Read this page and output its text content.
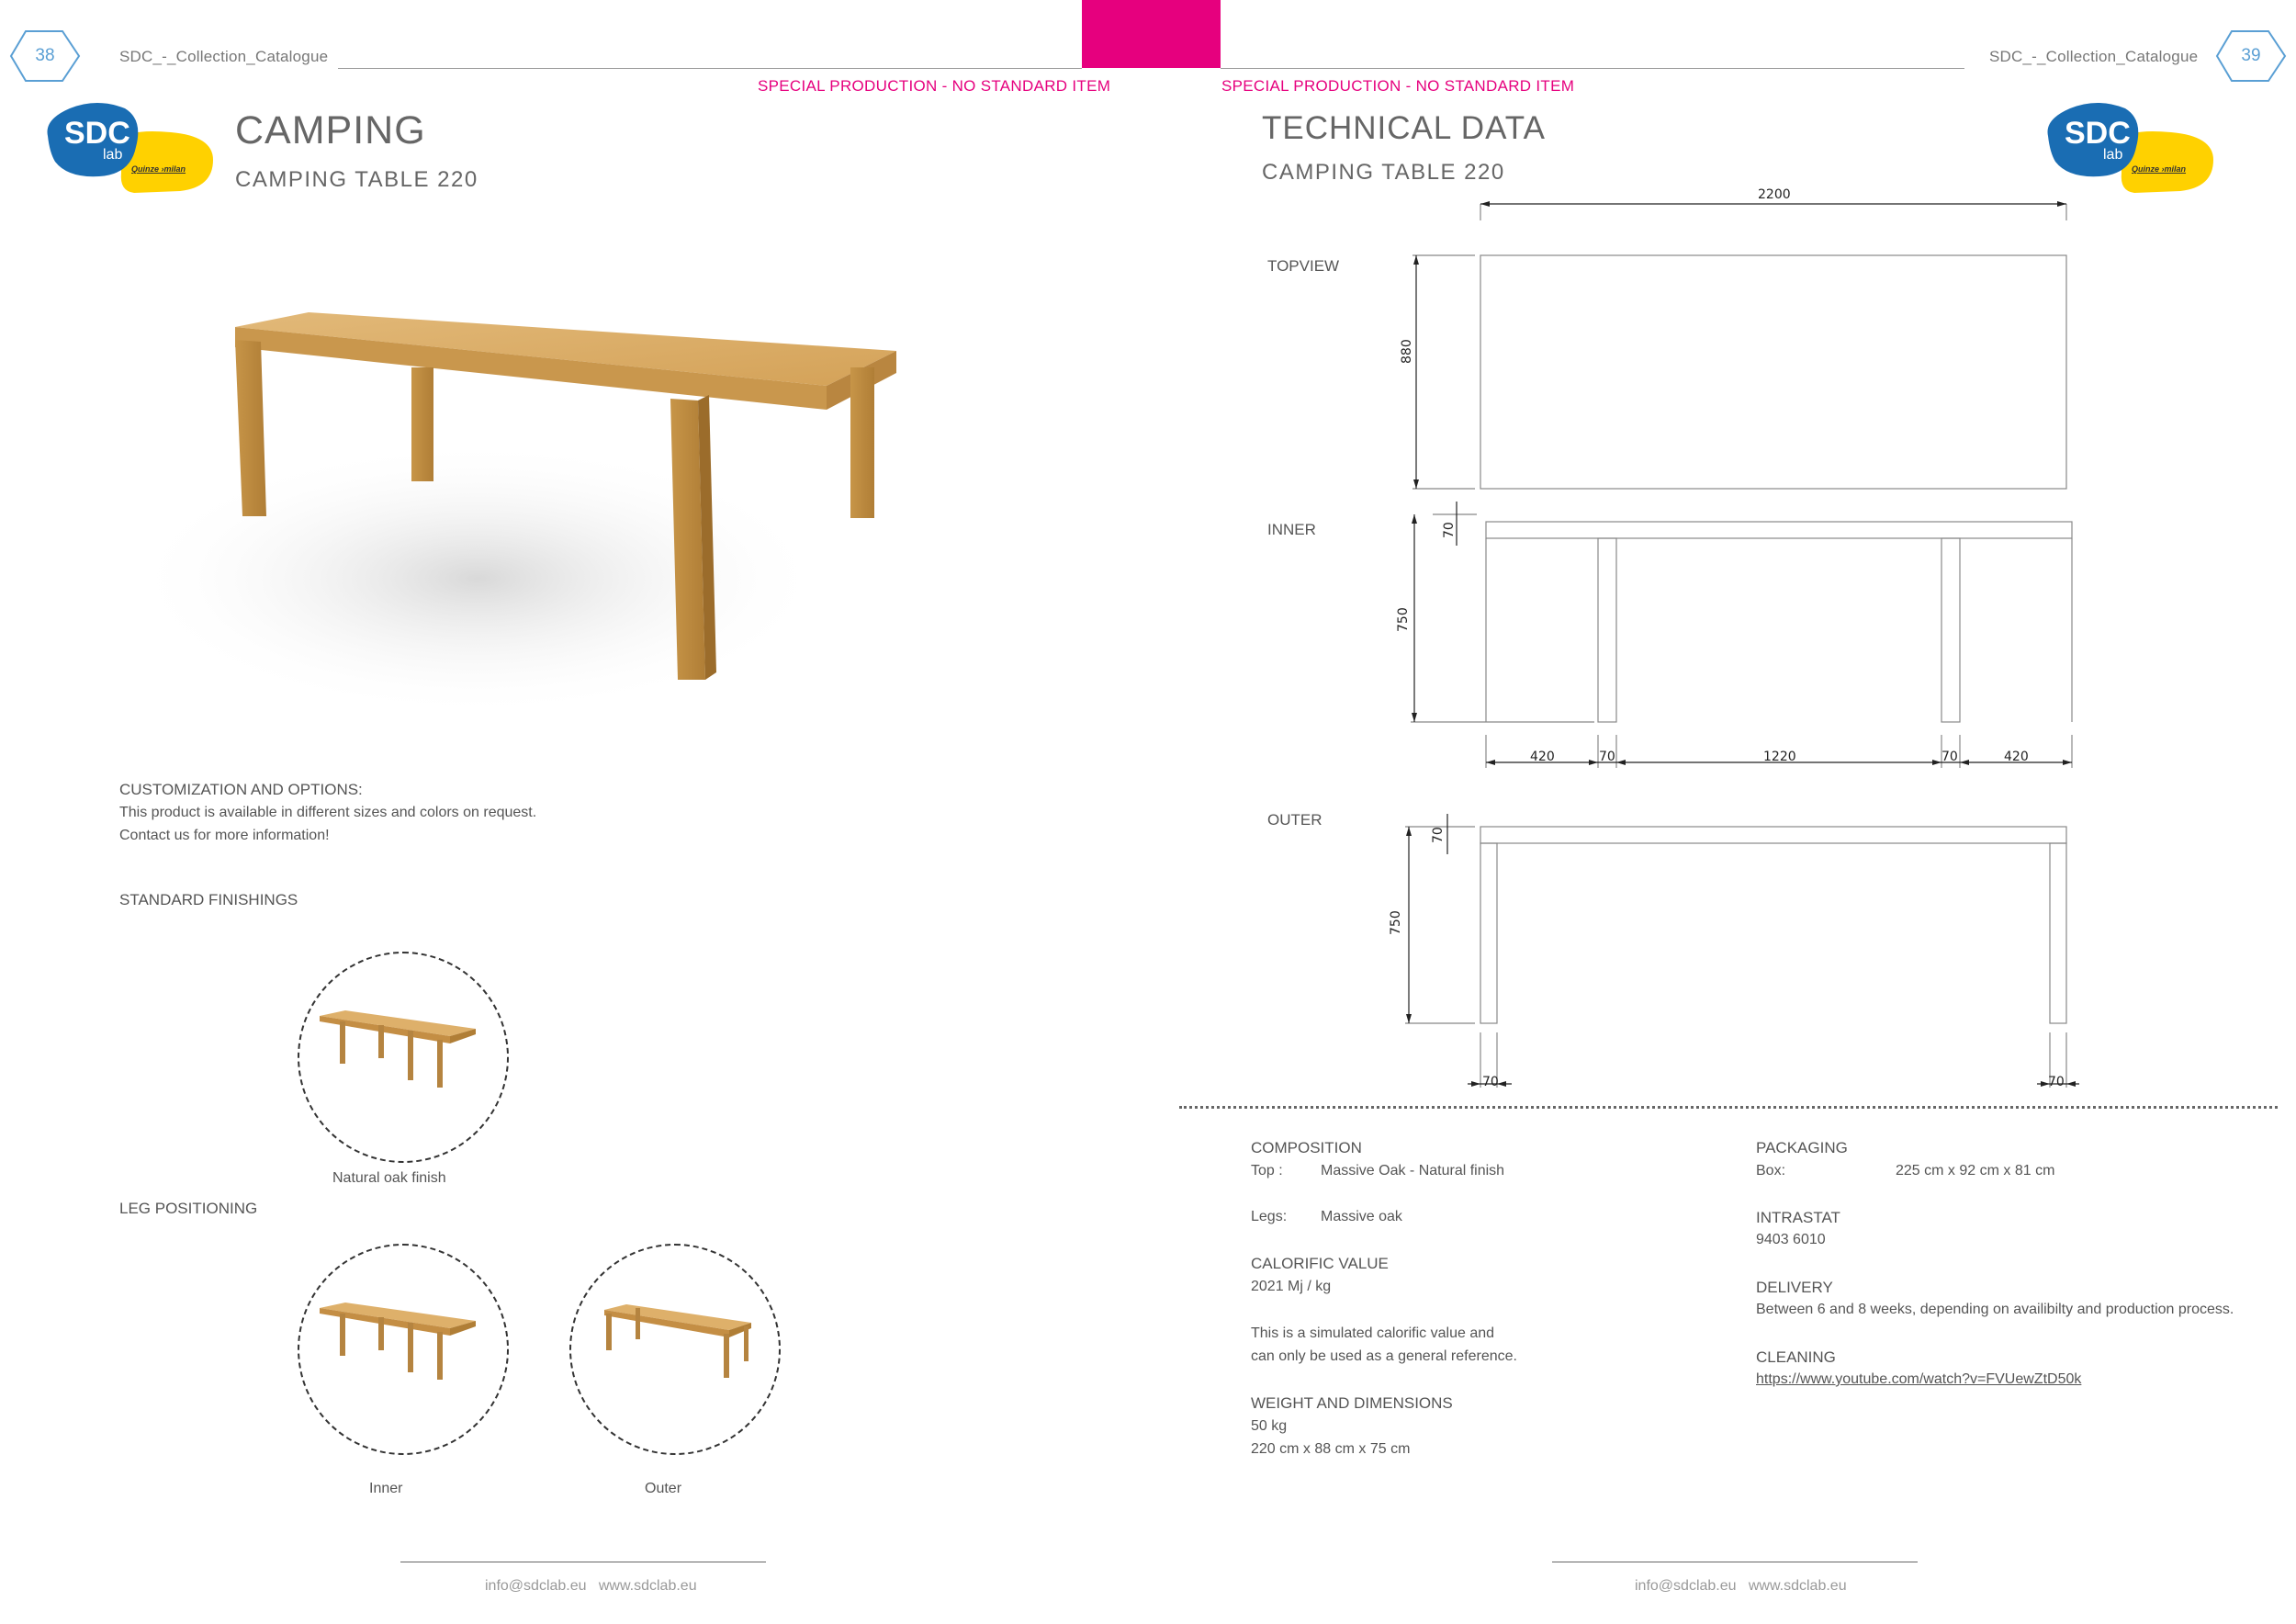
38	SDC_-_Collection_Catalogue	SDC_-_Collection_Catalogue	39
SPECIAL PRODUCTION - NO STANDARD ITEM	SPECIAL PRODUCTION - NO STANDARD ITEM
SDC
lab
Quinze ›milan
SDC
lab
Quinze ›milan
CAMPING
CAMPING TABLE 220
CUSTOMIZATION AND OPTIONS:
This product is available in different sizes and colors on request.
Contact us for more information!
STANDARD FINISHINGS
Natural oak finish
LEG POSITIONING
Inner	Outer
info@sdclab.eu   www.sdclab.eu
TECHNICAL DATA
CAMPING TABLE 220
TOPVIEW
INNER
OUTER
2200
880
70
750
420	70	1220	70	420
70
750
70	70
COMPOSITION
Top :	Massive Oak - Natural finish
Legs: Massive oak
CALORIFIC VALUE
2021 Mj / kg
This is a simulated calorific value and
can only be used as a general reference.
WEIGHT AND DIMENSIONS
50 kg
220 cm x 88 cm x 75 cm
PACKAGING
Box:	225 cm x 92 cm x 81 cm
INTRASTAT
9403 6010
DELIVERY
Between 6 and 8 weeks, depending on availibilty and production process.
CLEANING
https://www.youtube.com/watch?v=FVUewZtD50k
info@sdclab.eu   www.sdclab.eu
